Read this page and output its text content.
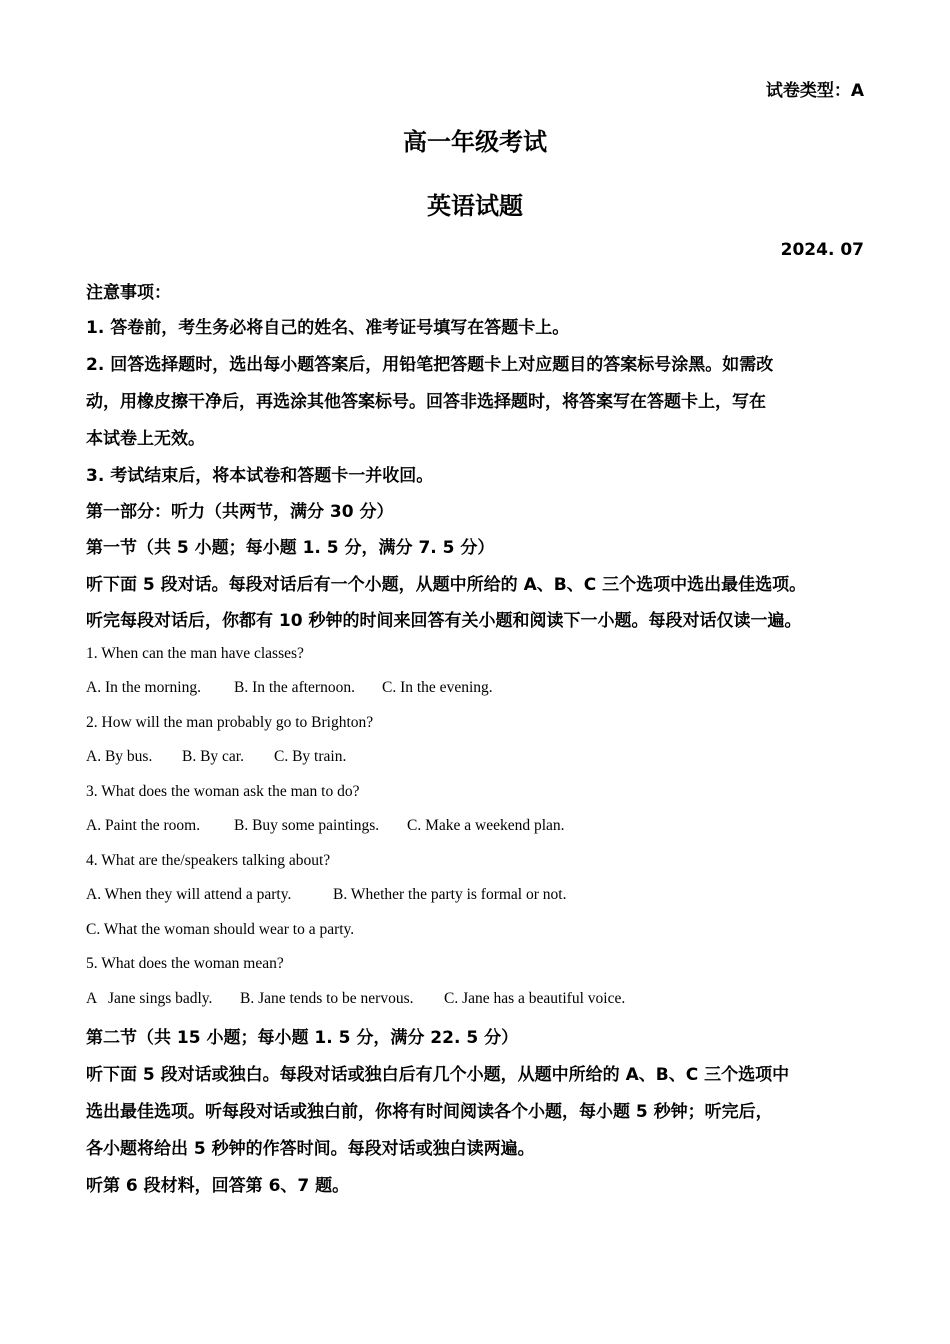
试卷类型：A
高一年级考试
英语试题
2024. 07
注意事项：
1. 答卷前，考生务必将自己的姓名、准考证号填写在答题卡上。
2. 回答选择题时，选出每小题答案后，用铅笔把答题卡上对应题目的答案标号涂黑。如需改
动，用橡皮擦干净后，再选涂其他答案标号。回答非选择题时，将答案写在答题卡上，写在
本试卷上无效。
3. 考试结束后，将本试卷和答题卡一并收回。
第一部分：听力（共两节，满分 30 分）
第一节（共 5 小题；每小题 1. 5 分，满分 7. 5 分）
听下面 5 段对话。每段对话后有一个小题，从题中所给的 A、B、C 三个选项中选出最佳选项。
听完每段对话后，你都有 10 秒钟的时间来回答有关小题和阅读下一小题。每段对话仅读一遍。
1. When can the man have classes?
A. In the morning. B. In the afternoon. C. In the evening.
2. How will the man probably go to Brighton?
A. By bus. B. By car. C. By train.
3. What does the woman ask the man to do?
A. Paint the room. B. Buy some paintings. C. Make a weekend plan.
4. What are the/speakers talking about?
A. When they will attend a party.	B. Whether the party is formal or not.
C. What the woman should wear to a party.
5. What does the woman mean?
A   Jane sings badly. B. Jane tends to be nervous. C. Jane has a beautiful voice.
第二节（共 15 小题；每小题 1. 5 分，满分 22. 5 分）
听下面 5 段对话或独白。每段对话或独白后有几个小题，从题中所给的 A、B、C 三个选项中
选出最佳选项。听每段对话或独白前，你将有时间阅读各个小题，每小题 5 秒钟；听完后，
各小题将给出 5 秒钟的作答时间。每段对话或独白读两遍。
听第 6 段材料，回答第 6、7 题。
